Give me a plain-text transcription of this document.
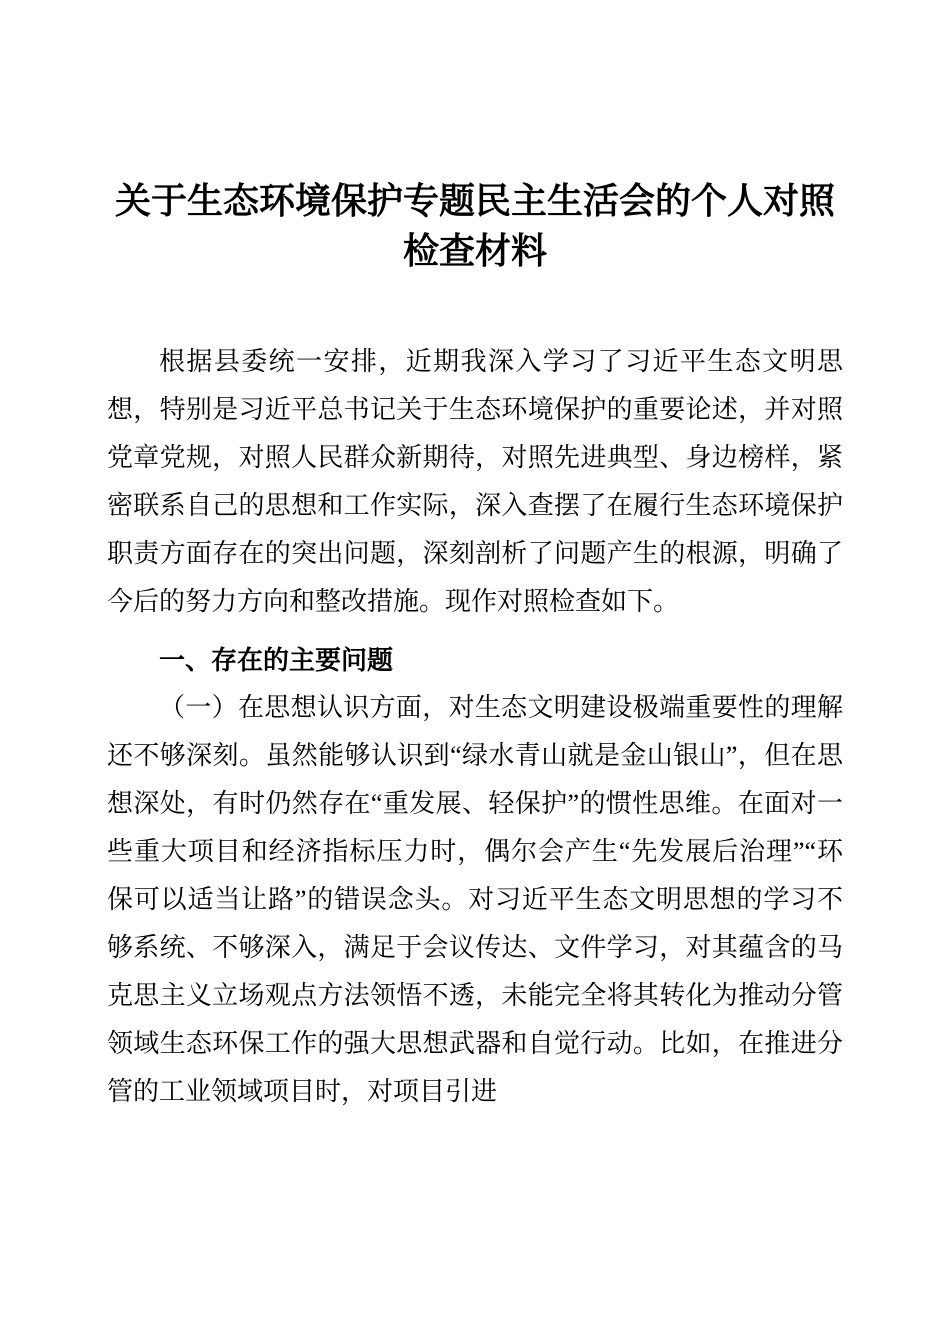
关于生态环境保护专题民主生活会的个人对照检查材料

根据县委统一安排，近期我深入学习了习近平生态文明思想，特别是习近平总书记关于生态环境保护的重要论述，并对照党章党规，对照人民群众新期待，对照先进典型、身边榜样，紧密联系自己的思想和工作实际，深入查摆了在履行生态环境保护职责方面存在的突出问题，深刻剖析了问题产生的根源，明确了今后的努力方向和整改措施。现作对照检查如下。

一、存在的主要问题

（一）在思想认识方面，对生态文明建设极端重要性的理解还不够深刻。虽然能够认识到“绿水青山就是金山银山”，但在思想深处，有时仍然存在“重发展、轻保护”的惯性思维。在面对一些重大项目和经济指标压力时，偶尔会产生“先发展后治理”“环保可以适当让路”的错误念头。对习近平生态文明思想的学习不够系统、不够深入，满足于会议传达、文件学习，对其蕴含的马克思主义立场观点方法领悟不透，未能完全将其转化为推动分管领域生态环保工作的强大思想武器和自觉行动。比如，在推进分管的工业领域项目时，对项目引进
